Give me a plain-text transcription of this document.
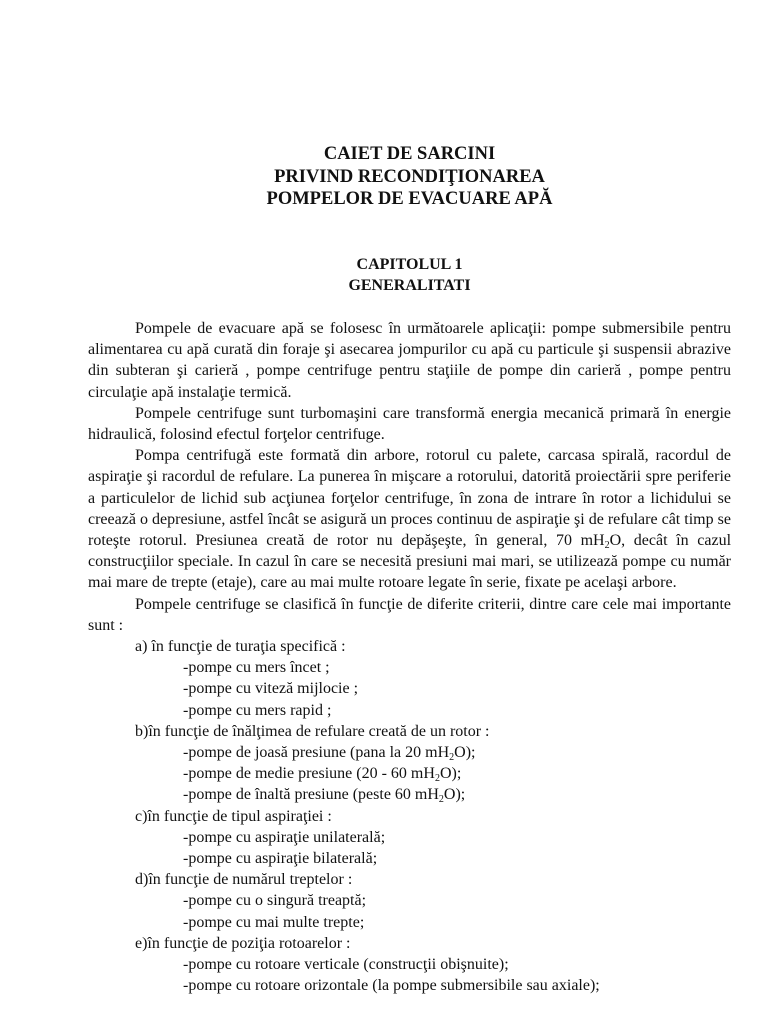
CAIET DE SARCINI
PRIVIND RECONDIŢIONAREA
POMPELOR DE EVACUARE APĂ
CAPITOLUL 1
GENERALITATI

Pompele de evacuare apă se folosesc în următoarele aplicaţii: pompe submersibile pentru alimentarea cu apă curată din foraje şi asecarea jompurilor cu apă cu particule şi suspensii abrazive din subteran şi carieră , pompe centrifuge pentru staţiile de pompe din carieră , pompe pentru circulaţie apă instalaţie termică.

Pompele centrifuge sunt turbomaşini care transformă energia mecanică primară în energie hidraulică, folosind efectul forţelor centrifuge.

Pompa centrifugă este formată din arbore, rotorul cu palete, carcasa spirală, racordul de aspiraţie şi racordul de refulare. La punerea în mişcare a rotorului, datorită proiectării spre periferie a particulelor de lichid sub acţiunea forţelor centrifuge, în zona de intrare în rotor a lichidului se creează o depresiune, astfel încât se asigură un proces continuu de aspiraţie şi de refulare cât timp se roteşte rotorul. Presiunea creată de rotor nu depăşeşte, în general, 70 $mH_2O$, decât în cazul construcţiilor speciale. In cazul în care se necesită presiuni mai mari, se utilizează pompe cu număr mai mare de trepte (etaje), care au mai multe rotoare legate în serie, fixate pe acelaşi arbore.

Pompele centrifuge se clasifică în funcţie de diferite criterii, dintre care cele mai importante sunt :

a) în funcţie de turaţia specifică :

-pompe cu mers încet ;

-pompe cu viteză mijlocie ;

-pompe cu mers rapid ;

b)în funcţie de înălţimea de refulare creată de un rotor :

-pompe de joasă presiune (pana la 20 $mH_2O$);

-pompe de medie presiune (20 - 60 $mH_2O$);

-pompe de înaltă presiune (peste 60 $mH_2O$);

c)în funcţie de tipul aspiraţiei :

-pompe cu aspiraţie unilaterală;

-pompe cu aspiraţie bilaterală;

d)în funcţie de numărul treptelor :

-pompe cu o singură treaptă;

-pompe cu mai multe trepte;

e)în funcţie de poziţia rotoarelor :

-pompe cu rotoare verticale (construcţii obişnuite);

-pompe cu rotoare orizontale (la pompe submersibile sau axiale);
